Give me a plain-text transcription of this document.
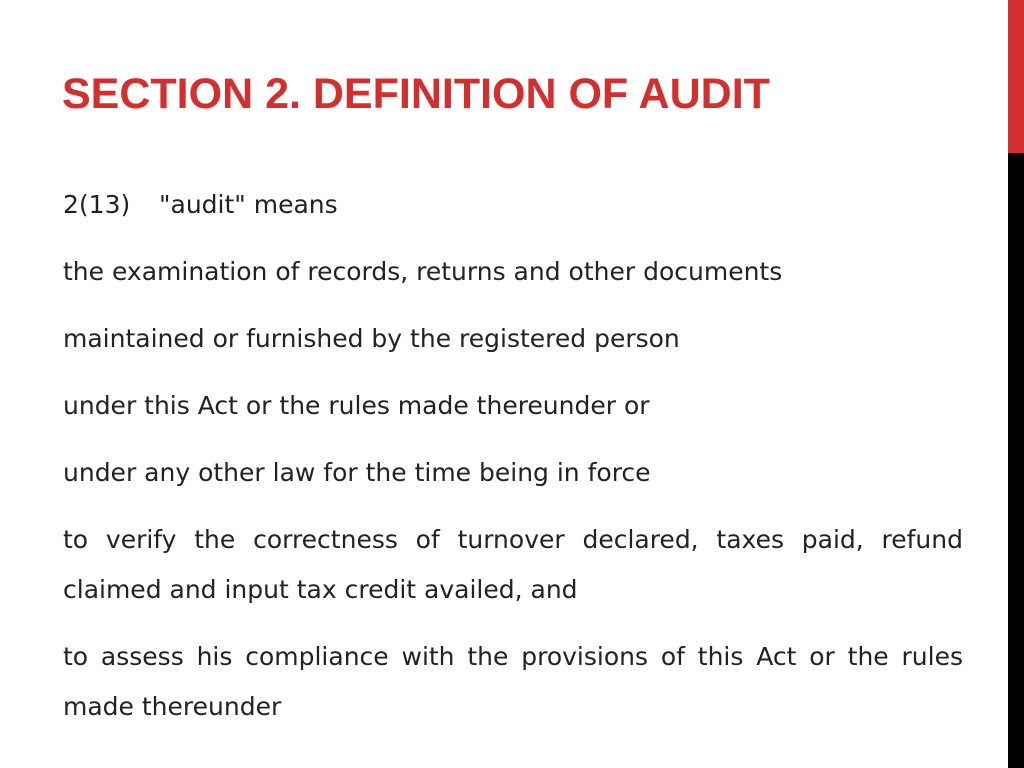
SECTION 2. DEFINITION OF AUDIT

2(13) "audit" means

the examination of records, returns and other documents

maintained or furnished by the registered person

under this Act or the rules made thereunder or

under any other law for the time being in force

to verify the correctness of turnover declared, taxes paid, refund claimed and input tax credit availed, and

to assess his compliance with the provisions of this Act or the rules made thereunder
